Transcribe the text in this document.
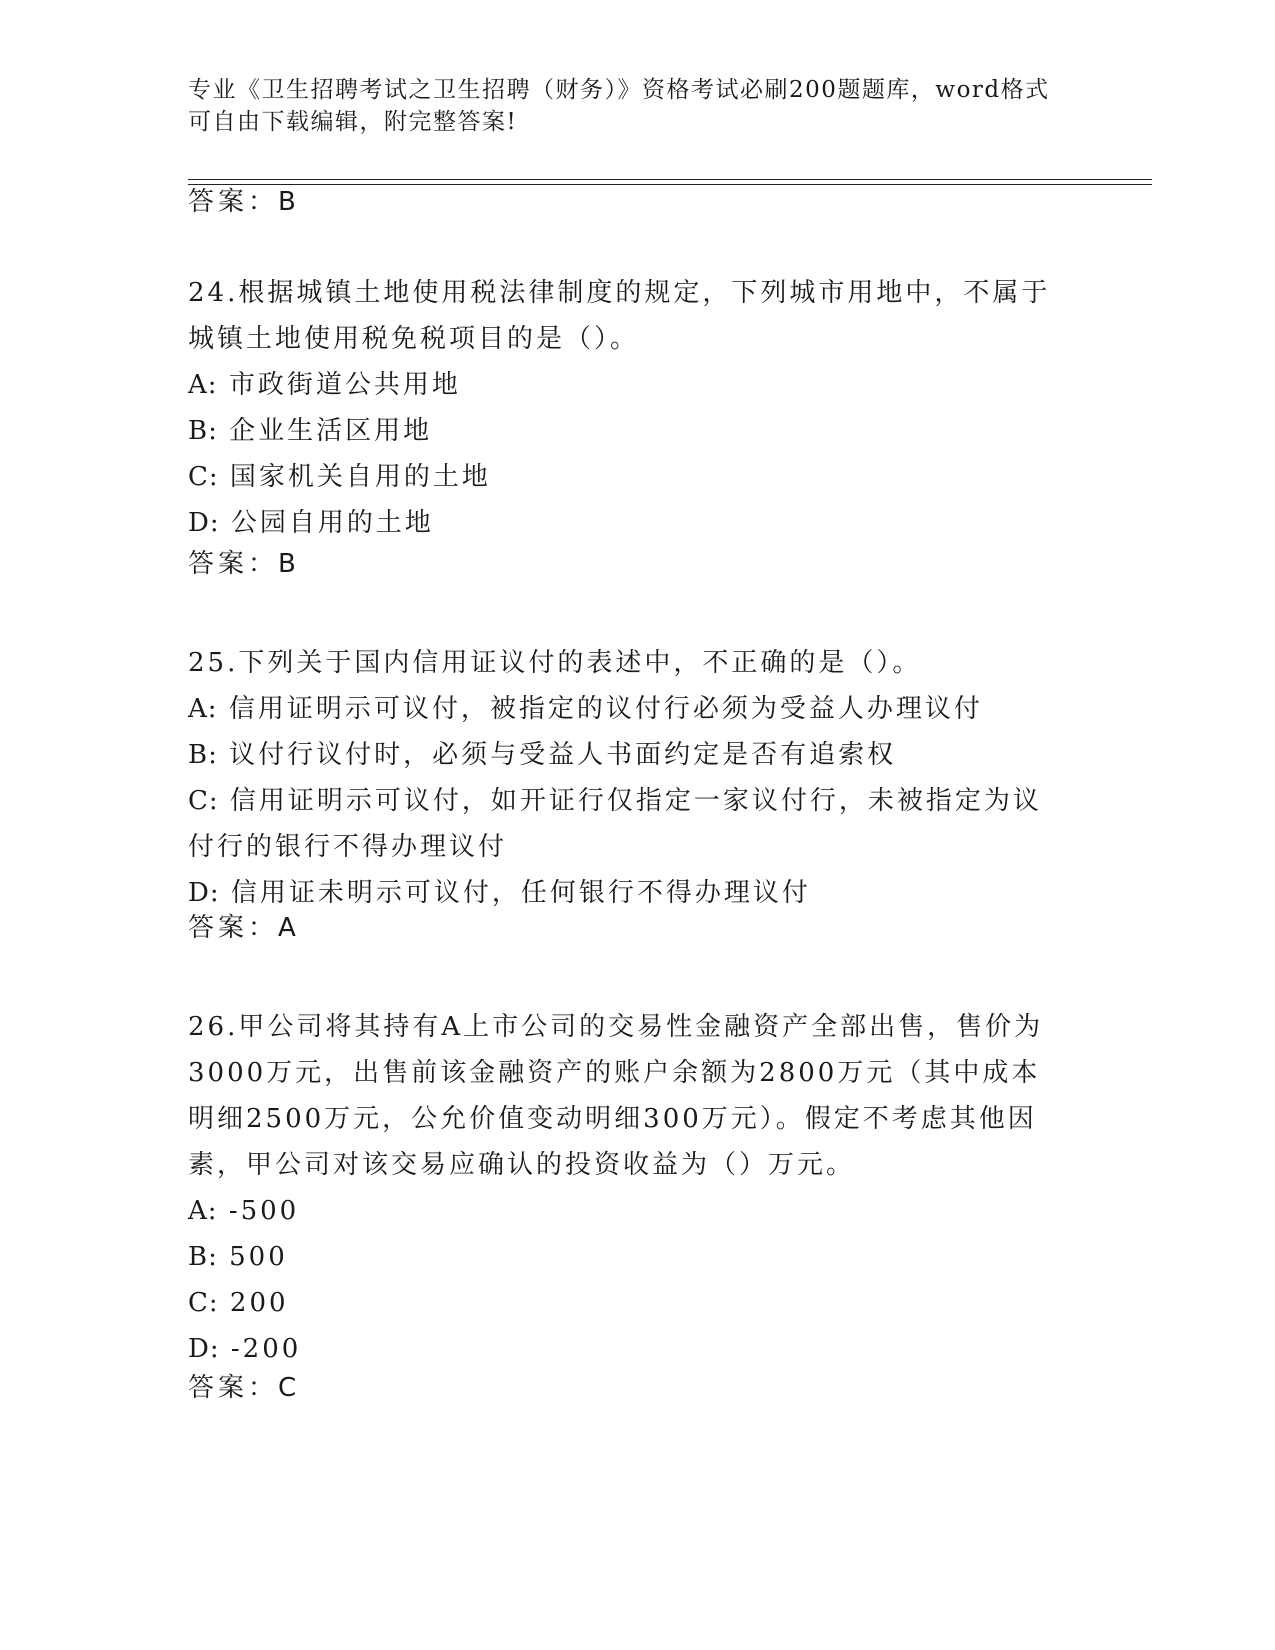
专业《卫生招聘考试之卫生招聘（财务）》资格考试必刷200题题库，word格式可自由下载编辑，附完整答案!
答案：B

24.根据城镇土地使用税法律制度的规定，下列城市用地中，不属于城镇土地使用税免税项目的是（）。

A: 市政街道公共用地
B: 企业生活区用地
C: 国家机关自用的土地
D: 公园自用的土地
答案：B

25.下列关于国内信用证议付的表述中，不正确的是（）。

A: 信用证明示可议付，被指定的议付行必须为受益人办理议付
B: 议付行议付时，必须与受益人书面约定是否有追索权
C: 信用证明示可议付，如开证行仅指定一家议付行，未被指定为议付行的银行不得办理议付
D: 信用证未明示可议付，任何银行不得办理议付
答案：A

26.甲公司将其持有A上市公司的交易性金融资产全部出售，售价为3000万元，出售前该金融资产的账户余额为2800万元（其中成本明细2500万元，公允价值变动明细300万元）。假定不考虑其他因素，甲公司对该交易应确认的投资收益为（）万元。

A: -500
B: 500
C: 200
D: -200
答案：C
